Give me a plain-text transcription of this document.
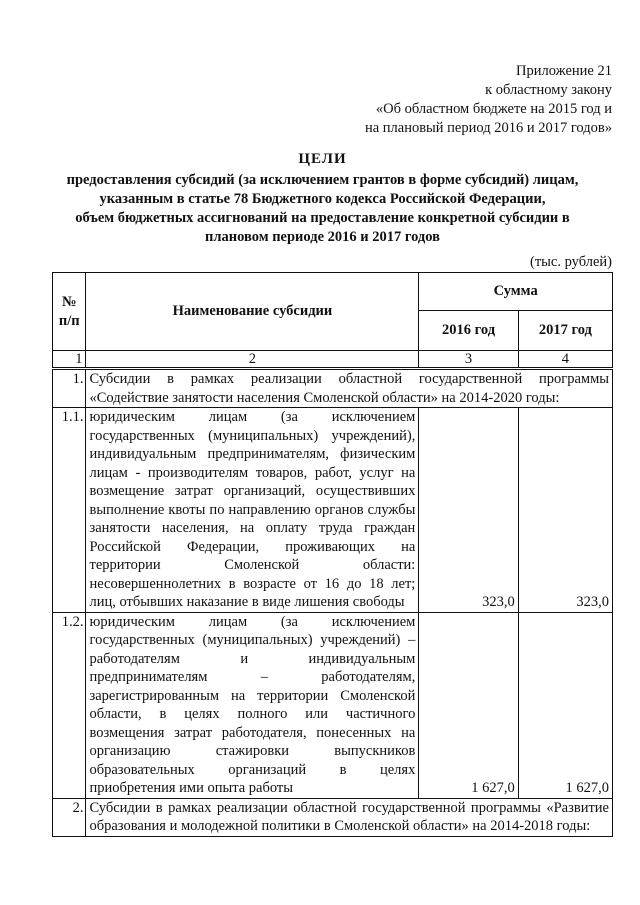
Приложение 21
к областному закону
«Об областном бюджете на 2015 год и
на плановый период 2016 и 2017 годов»
ЦЕЛИ
предоставления субсидий (за исключением грантов в форме субсидий) лицам,
указанным в статье 78 Бюджетного кодекса Российской Федерации,
объем бюджетных ассигнований на предоставление конкретной субсидии в
плановом периоде 2016 и 2017 годов
(тыс. рублей)
№ п/п	Наименование субсидии	Сумма	
		2016 год	2017 год
1	2	3	4
1.	Субсидии в рамках реализации областной государственной программы «Содействие занятости населения Смоленской области» на 2014-2020 годы:		
1.1.	юридическим лицам (за исключением государственных (муниципальных) учреждений), индивидуальным предпринимателям, физическим лицам - производителям товаров, работ, услуг на возмещение затрат организаций, осуществивших выполнение квоты по направлению органов службы занятости населения, на оплату труда граждан Российской Федерации, проживающих на территории Смоленской области: несовершеннолетних в возрасте от 16 до 18 лет; лиц, отбывших наказание в виде лишения свободы	323,0	323,0
1.2.	юридическим лицам (за исключением государственных (муниципальных) учреждений) – работодателям и индивидуальным предпринимателям – работодателям, зарегистрированным на территории Смоленской области, в целях полного или частичного возмещения затрат работодателя, понесенных на организацию стажировки выпускников образовательных организаций в целях приобретения ими опыта работы	1 627,0	1 627,0
2.	Субсидии в рамках реализации областной государственной программы «Развитие образования и молодежной политики в Смоленской области» на 2014-2018 годы:		
